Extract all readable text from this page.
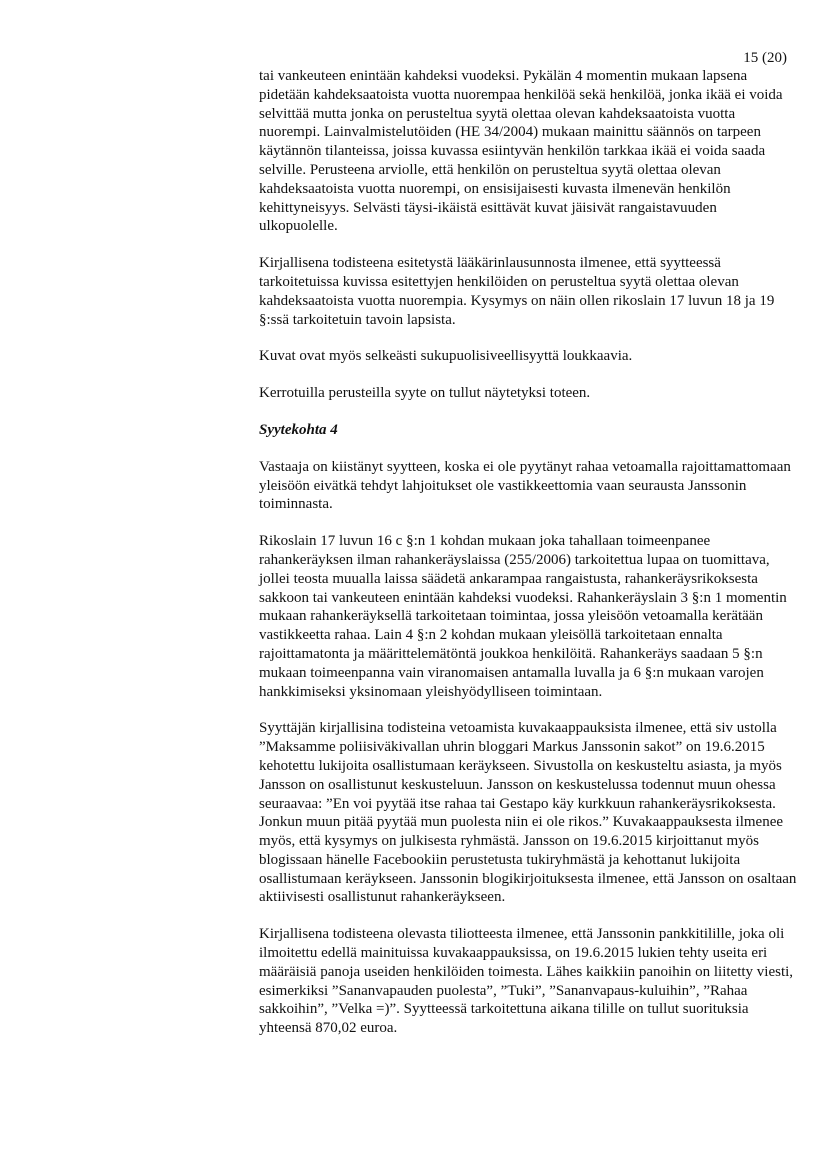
15 (20)

tai vankeuteen enintään kahdeksi vuodeksi. Pykälän 4 momentin mukaan lapsena pidetään kahdeksaatoista vuotta nuorempaa henkilöä sekä henkilöä, jonka ikää ei voida selvittää mutta jonka on perusteltua syytä olettaa olevan kahdeksaatoista vuotta nuorempi. Lainvalmistelutöiden (HE 34/2004) mukaan mainittu säännös on tarpeen käytännön tilanteissa, joissa kuvassa esiintyvän henkilön tarkkaa ikää ei voida saada selville. Perusteena arviolle, että henkilön on perusteltua syytä olettaa olevan kahdeksaatoista vuotta nuorempi, on ensisijaisesti kuvasta ilmenevän henkilön kehittyneisyys. Selvästi täysi-ikäistä esittävät kuvat jäisivät rangaistavuuden ulkopuolelle.

Kirjallisena todisteena esitetystä lääkärinlausunnosta ilmenee, että syytteessä tarkoitetuissa kuvissa esitettyjen henkilöiden on perusteltua syytä olettaa olevan kahdeksaatoista vuotta nuorempia. Kysymys on näin ollen rikoslain 17 luvun 18 ja 19 §:ssä tarkoitetuin tavoin lapsista.

Kuvat ovat myös selkeästi sukupuolisiveellisyyttä loukkaavia.

Kerrotuilla perusteilla syyte on tullut näytetyksi toteen.

Syytekohta 4

Vastaaja on kiistänyt syytteen, koska ei ole pyytänyt rahaa vetoamalla rajoittamattomaan yleisöön eivätkä tehdyt lahjoitukset ole vastikkeettomia vaan seurausta Janssonin toiminnasta.

Rikoslain 17 luvun 16 c §:n 1 kohdan mukaan joka tahallaan toimeenpanee rahankeräyksen ilman rahankeräyslaissa (255/2006) tarkoitettua lupaa on tuomittava, jollei teosta muualla laissa säädetä ankarampaa rangaistusta, rahankeräysrikoksesta sakkoon tai vankeuteen enintään kahdeksi vuodeksi. Rahankeräyslain 3 §:n 1 momentin mukaan rahankeräyksellä tarkoitetaan toimintaa, jossa yleisöön vetoamalla kerätään vastikkeetta rahaa. Lain 4 §:n 2 kohdan mukaan yleisöllä tarkoitetaan ennalta rajoittamatonta ja määrittelemätöntä joukkoa henkilöitä. Rahankeräys saadaan 5 §:n mukaan toimeenpanna vain viranomaisen antamalla luvalla ja 6 §:n mukaan varojen hankkimiseksi yksinomaan yleishyödylliseen toimintaan.

Syyttäjän kirjallisina todisteina vetoamista kuvakaappauksista ilmenee, että siv ustolla ”Maksamme poliisiväkivallan uhrin bloggari Markus Janssonin sakot” on 19.6.2015 kehotettu lukijoita osallistumaan keräykseen. Sivustolla on keskusteltu asiasta, ja myös Jansson on osallistunut keskusteluun. Jansson on keskustelussa todennut muun ohessa seuraavaa: ”En voi pyytää itse rahaa tai Gestapo käy kurkkuun rahankeräysrikoksesta. Jonkun muun pitää pyytää mun puolesta niin ei ole rikos.” Kuvakaappauksesta ilmenee myös, että kysymys on julkisesta ryhmästä. Jansson on 19.6.2015 kirjoittanut myös blogissaan hänelle Facebookiin perustetusta tukiryhmästä ja kehottanut lukijoita osallistumaan keräykseen. Janssonin blogikirjoituksesta ilmenee, että Jansson on osaltaan aktiivisesti osallistunut rahankeräykseen.

Kirjallisena todisteena olevasta tiliotteesta ilmenee, että Janssonin pankkitilille, joka oli ilmoitettu edellä mainituissa kuvakaappauksissa, on 19.6.2015 lukien tehty useita eri määräisiä panoja useiden henkilöiden toimesta. Lähes kaikkiin panoihin on liitetty viesti, esimerkiksi ”Sananvapauden puolesta”, ”Tuki”, ”Sananvapaus-kuluihin”, ”Rahaa sakkoihin”, ”Velka =)”. Syytteessä tarkoitettuna aikana tilille on tullut suorituksia yhteensä 870,02 euroa.
